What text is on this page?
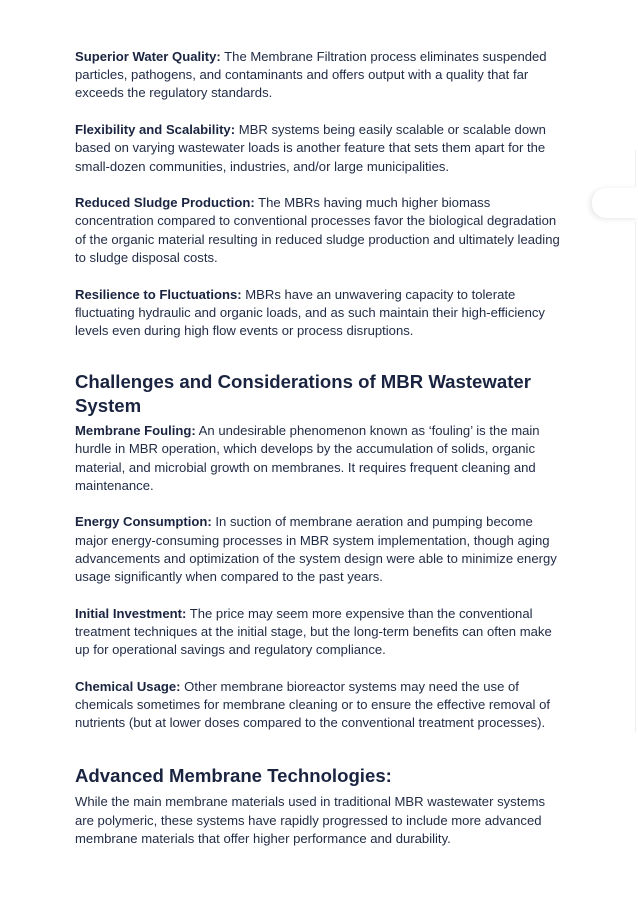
Superior Water Quality: The Membrane Filtration process eliminates suspended particles, pathogens, and contaminants and offers output with a quality that far exceeds the regulatory standards.

Flexibility and Scalability: MBR systems being easily scalable or scalable down based on varying wastewater loads is another feature that sets them apart for the small-dozen communities, industries, and/or large municipalities.

Reduced Sludge Production: The MBRs having much higher biomass concentration compared to conventional processes favor the biological degradation of the organic material resulting in reduced sludge production and ultimately leading to sludge disposal costs.

Resilience to Fluctuations: MBRs have an unwavering capacity to tolerate fluctuating hydraulic and organic loads, and as such maintain their high-efficiency levels even during high flow events or process disruptions.

Challenges and Considerations of MBR Wastewater System

Membrane Fouling: An undesirable phenomenon known as ‘fouling’ is the main hurdle in MBR operation, which develops by the accumulation of solids, organic material, and microbial growth on membranes. It requires frequent cleaning and maintenance.

Energy Consumption: In suction of membrane aeration and pumping become major energy-consuming processes in MBR system implementation, though aging advancements and optimization of the system design were able to minimize energy usage significantly when compared to the past years.

Initial Investment: The price may seem more expensive than the conventional treatment techniques at the initial stage, but the long-term benefits can often make up for operational savings and regulatory compliance.

Chemical Usage: Other membrane bioreactor systems may need the use of chemicals sometimes for membrane cleaning or to ensure the effective removal of nutrients (but at lower doses compared to the conventional treatment processes).

Advanced Membrane Technologies:

While the main membrane materials used in traditional MBR wastewater systems are polymeric, these systems have rapidly progressed to include more advanced membrane materials that offer higher performance and durability.
